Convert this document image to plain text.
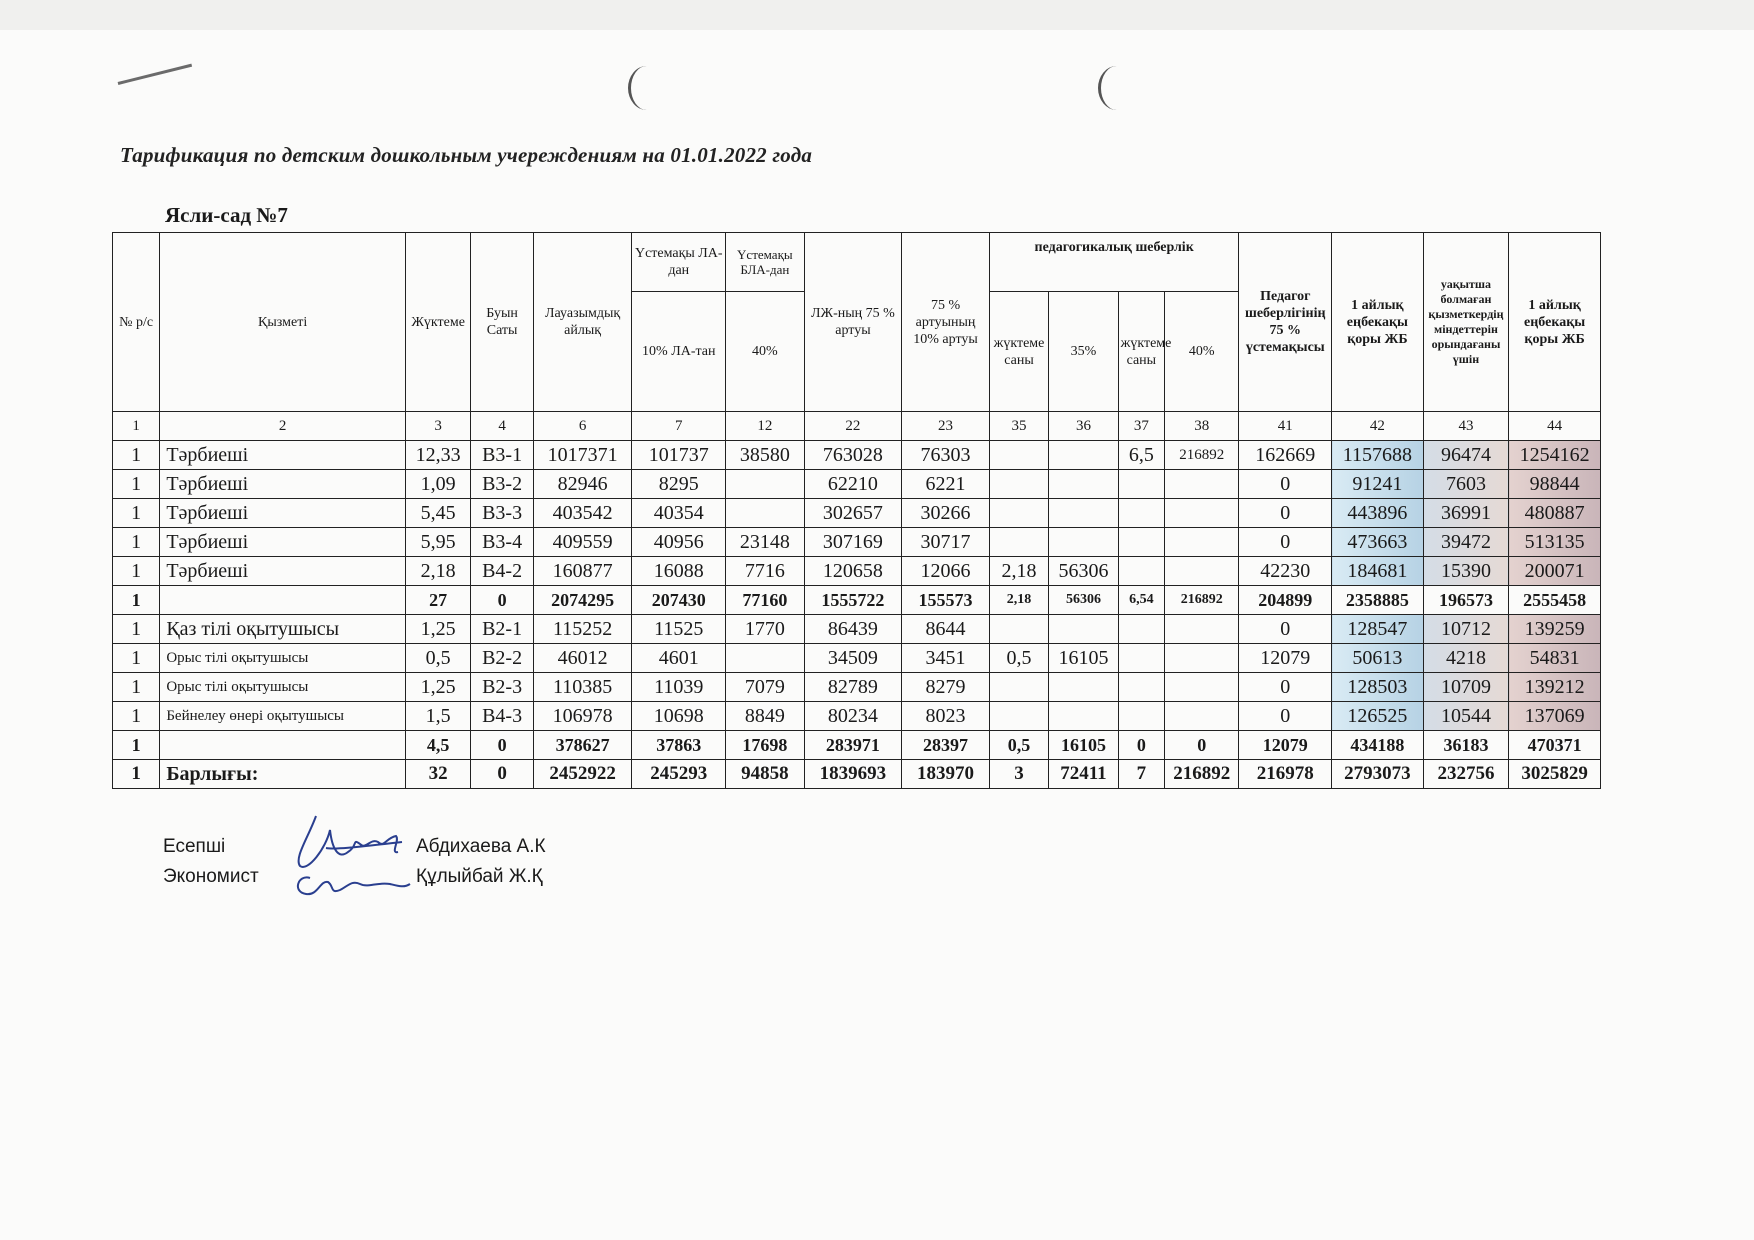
Тарификация по детским дошкольным учереждениям на 01.01.2022 года
Ясли-сад №7
№ р/с	Қызметі	Жүктеме	Буын Саты	Лауазымдық айлық	Үстемақы ЛА-дан	Үстемақы БЛА-дан	ЛЖ-ның 75 % артуы	75 % артуының 10% артуы	педагогикалық шеберлік				Педагог шеберлігінің 75 % үстемақысы	1 айлық еңбекақы қоры ЖБ	уақытша болмаған қызметкердің міндеттерін орындағаны үшін	1 айлық еңбекақы қоры ЖБ
					10% ЛА-тан	40%			жүктеме саны	35%	жүктеме саны	40%				
1	2	3	4	6	7	12	22	23	35	36	37	38	41	42	43	44
1	Тәрбиеші	12,33	В3-1	1017371	101737	38580	763028	76303			6,5	216892	162669	1157688	96474	1254162
1	Тәрбиеші	1,09	В3-2	82946	8295		62210	6221					0	91241	7603	98844
1	Тәрбиеші	5,45	В3-3	403542	40354		302657	30266					0	443896	36991	480887
1	Тәрбиеші	5,95	В3-4	409559	40956	23148	307169	30717					0	473663	39472	513135
1	Тәрбиеші	2,18	В4-2	160877	16088	7716	120658	12066	2,18	56306			42230	184681	15390	200071
1		27	0	2074295	207430	77160	1555722	155573	2,18	56306	6,54	216892	204899	2358885	196573	2555458
1	Қаз тілі оқытушысы	1,25	В2-1	115252	11525	1770	86439	8644					0	128547	10712	139259
1	Орыс тілі оқытушысы	0,5	В2-2	46012	4601		34509	3451	0,5	16105			12079	50613	4218	54831
1	Орыс тілі оқытушысы	1,25	В2-3	110385	11039	7079	82789	8279					0	128503	10709	139212
1	Бейнелеу өнері оқытушысы	1,5	В4-3	106978	10698	8849	80234	8023					0	126525	10544	137069
1		4,5	0	378627	37863	17698	283971	28397	0,5	16105	0	0	12079	434188	36183	470371
1	Барлығы:	32	0	2452922	245293	94858	1839693	183970	3	72411	7	216892	216978	2793073	232756	3025829
Есепші
Экономист
Абдихаева А.К
Құлыйбай Ж.Қ
